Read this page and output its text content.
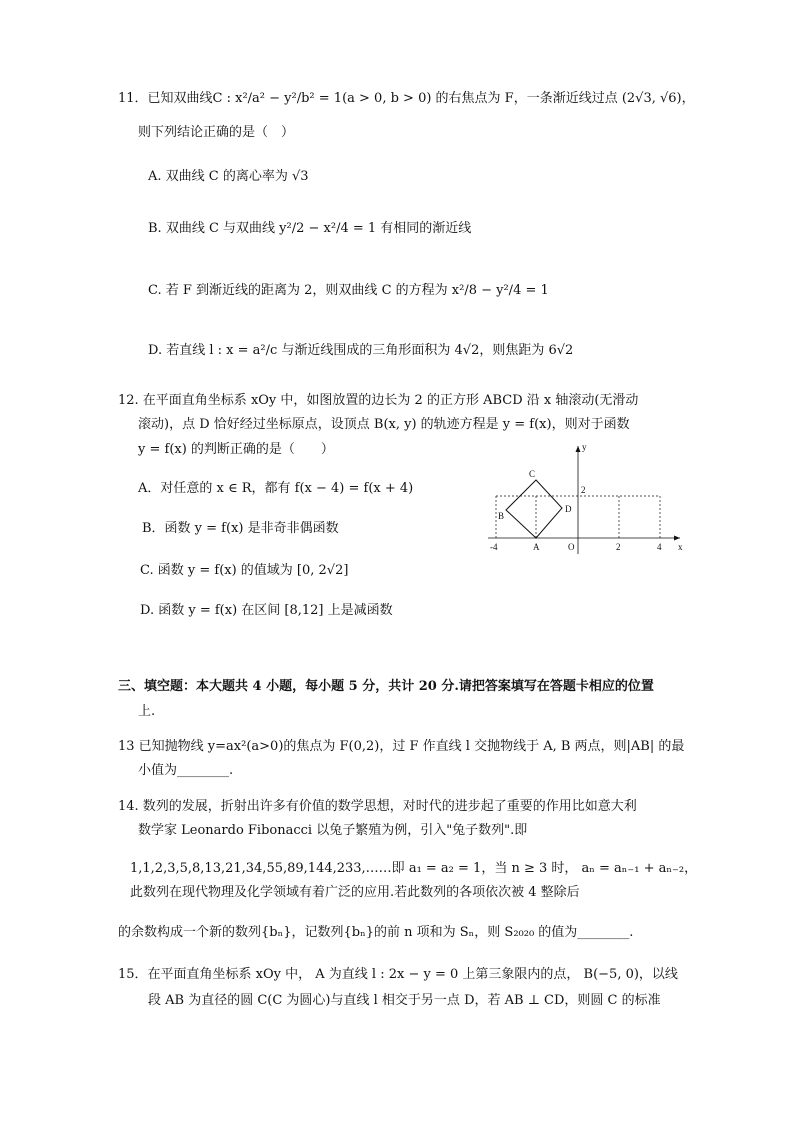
11．已知双曲线C : x²/a² − y²/b² = 1(a > 0, b > 0) 的右焦点为 F，一条渐近线过点 (2√3, √6)，
则下列结论正确的是（　）
A. 双曲线 C 的离心率为 √3
B. 双曲线 C 与双曲线 y²/2 − x²/4 = 1 有相同的渐近线
C. 若 F 到渐近线的距离为 2，则双曲线 C 的方程为 x²/8 − y²/4 = 1
D. 若直线 l : x = a²/c 与渐近线围成的三角形面积为 4√2，则焦距为 6√2
12. 在平面直角坐标系 xOy 中，如图放置的边长为 2 的正方形 ABCD 沿 x 轴滚动(无滑动
滚动)，点 D 恰好经过坐标原点，设顶点 B(x, y) 的轨迹方程是 y = f(x)，则对于函数
y = f(x) 的判断正确的是（　　）
A．对任意的 x ∈ R，都有 f(x − 4) = f(x + 4)
B．函数 y = f(x) 是非奇非偶函数
C. 函数 y = f(x) 的值域为 [0, 2√2]
D. 函数 y = f(x) 在区间 [8,12] 上是减函数
C
B
D
A	O
y
x
2
-4	2	4
三、填空题：本大题共 4 小题，每小题 5 分，共计 20 分.请把答案填写在答题卡相应的位置
上.
13 已知抛物线 y=ax²(a>0)的焦点为 F(0,2)，过 F 作直线 l 交抛物线于 A, B 两点，则|AB| 的最
小值为________.
14. 数列的发展，折射出许多有价值的数学思想，对时代的进步起了重要的作用比如意大利
数学家 Leonardo Fibonacci 以兔子繁殖为例，引入"兔子数列".即
1,1,2,3,5,8,13,21,34,55,89,144,233,……即 a₁ = a₂ = 1，当 n ≥ 3 时， aₙ = aₙ₋₁ + aₙ₋₂，
此数列在现代物理及化学领域有着广泛的应用.若此数列的各项依次被 4 整除后
的余数构成一个新的数列{bₙ}，记数列{bₙ}的前 n 项和为 Sₙ，则 S₂₀₂₀ 的值为________.
15．在平面直角坐标系 xOy 中， A 为直线 l : 2x − y = 0 上第三象限内的点， B(−5, 0)，以线
段 AB 为直径的圆 C(C 为圆心)与直线 l 相交于另一点 D，若 AB ⊥ CD，则圆 C 的标准
